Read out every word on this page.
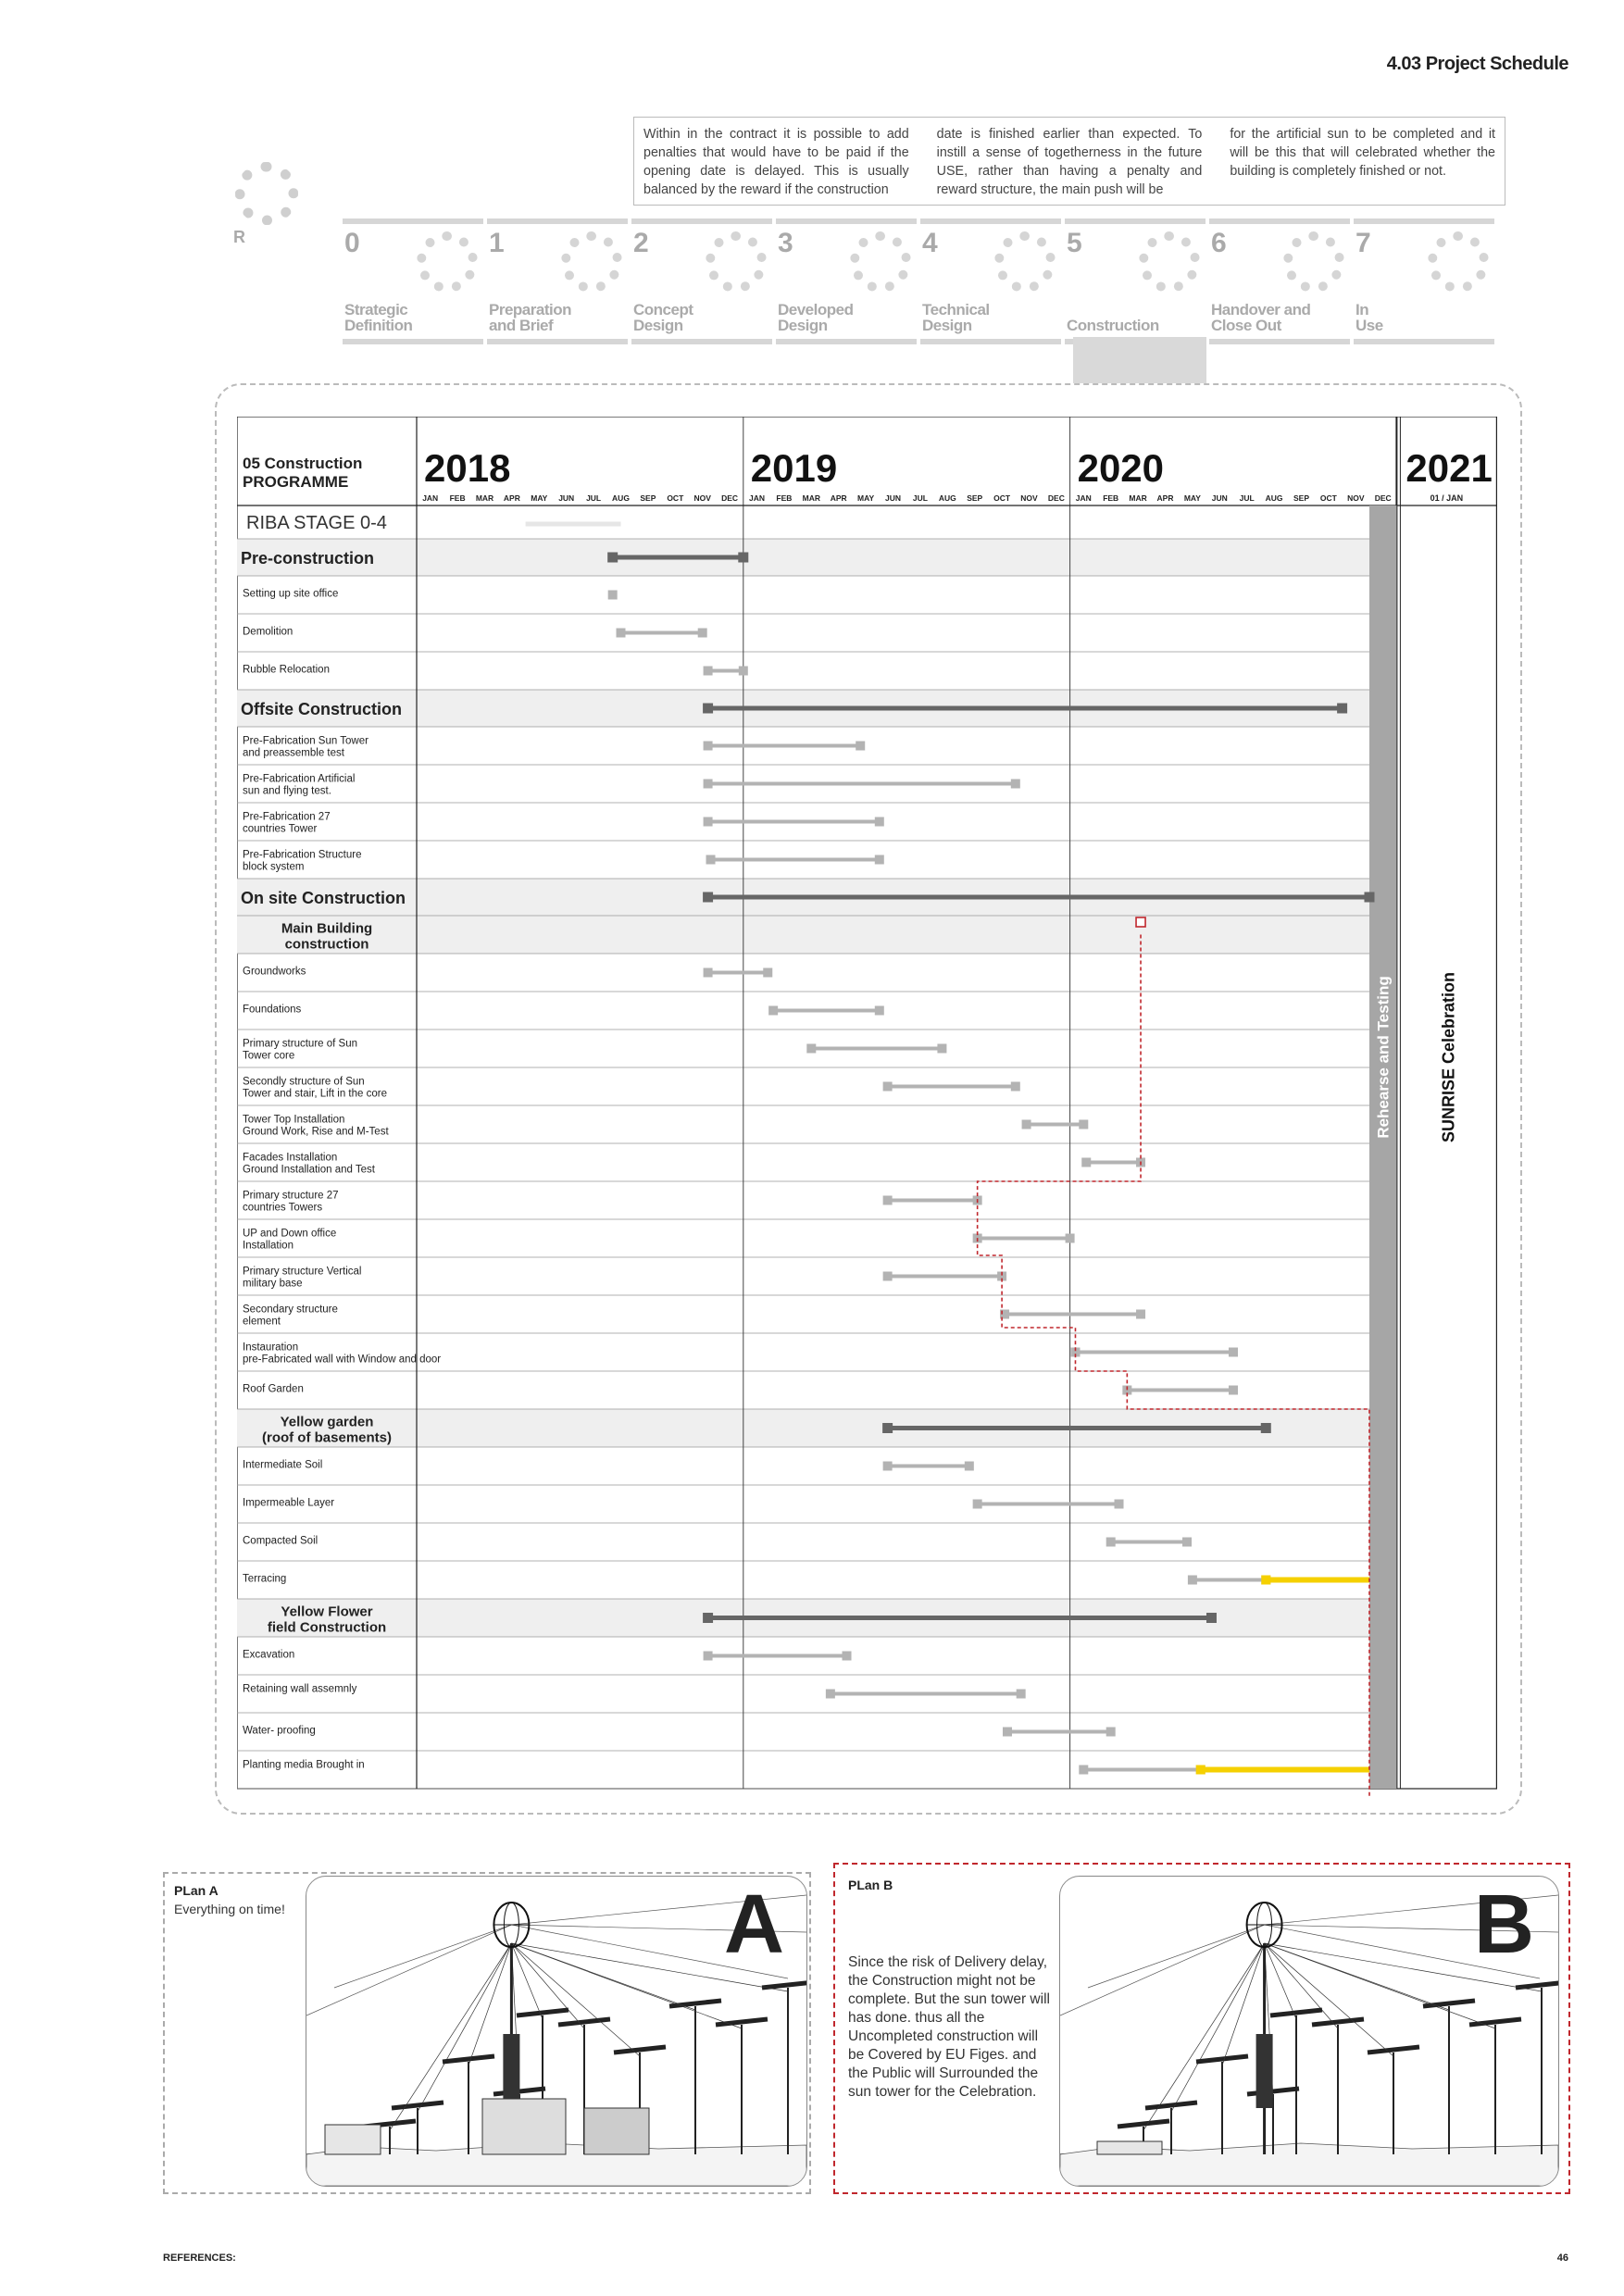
4.03 Project Schedule

Within in the contract it is possible to add penalties that would have to be paid if the opening date is delayed. This is usually balanced by the reward if the construction

date is finished earlier than expected. To instill a sense of togetherness in the future USE, rather than having a penalty and reward structure, the main push will be

for the artificial sun to be completed and it will be this that will celebrated whether the building is completely finished or not.

R	0
Strategic
Definition
1
Preparation
and Brief
2
Concept
Design
3
Developed
Design
4
Technical
Design
5
Construction
6
Handover and
Close Out
7
In
Use
Rehearse and Testing	SUNRISE Celebration
05 Construction
PROGRAMME 2018	2019	2020	2021
JAN FEB MAR APR MAY JUN JUL AUG SEP OCT NOV DEC JAN FEB MAR APR MAY JUN JUL AUG SEP OCT NOV DEC JAN FEB MAR APR MAY JUN JUL AUG SEP OCT NOV DEC	01 / JAN
RIBA STAGE 0-4
Pre-construction
Setting up site office
Demolition
Rubble Relocation
Offsite Construction
Pre-Fabrication Sun Tower
and preassemble test
Pre-Fabrication Artificial
sun and flying test.
Pre-Fabrication 27
countries Tower
Pre-Fabrication Structure
block system
On site Construction
Main Building
construction
Groundworks
Foundations
Primary structure of Sun
Tower core
Secondly structure of Sun
Tower and stair, Lift in the core
Tower Top Installation
Ground Work, Rise and M-Test
Facades Installation
Ground Installation and Test
Primary structure 27
countries Towers
UP and Down office
Installation
Primary structure Vertical
military base
Secondary structure
element
Instauration
pre-Fabricated wall with Window and door
Roof Garden
Yellow garden
(roof of basements)
Intermediate Soil
Impermeable Layer
Compacted Soil
Terracing
Yellow Flower
field Construction
Excavation
Retaining wall assemnly
Water- proofing
Planting media Brought in
PLan A
Everything on time!	A	PLan B
Since the risk of Delivery delay, the Construction might not be complete. But the sun tower will has done. thus all the Uncompleted construction will be Covered by EU Figes. and the Public will Surrounded the sun tower for the Celebration.
B
REFERENCES:	46
